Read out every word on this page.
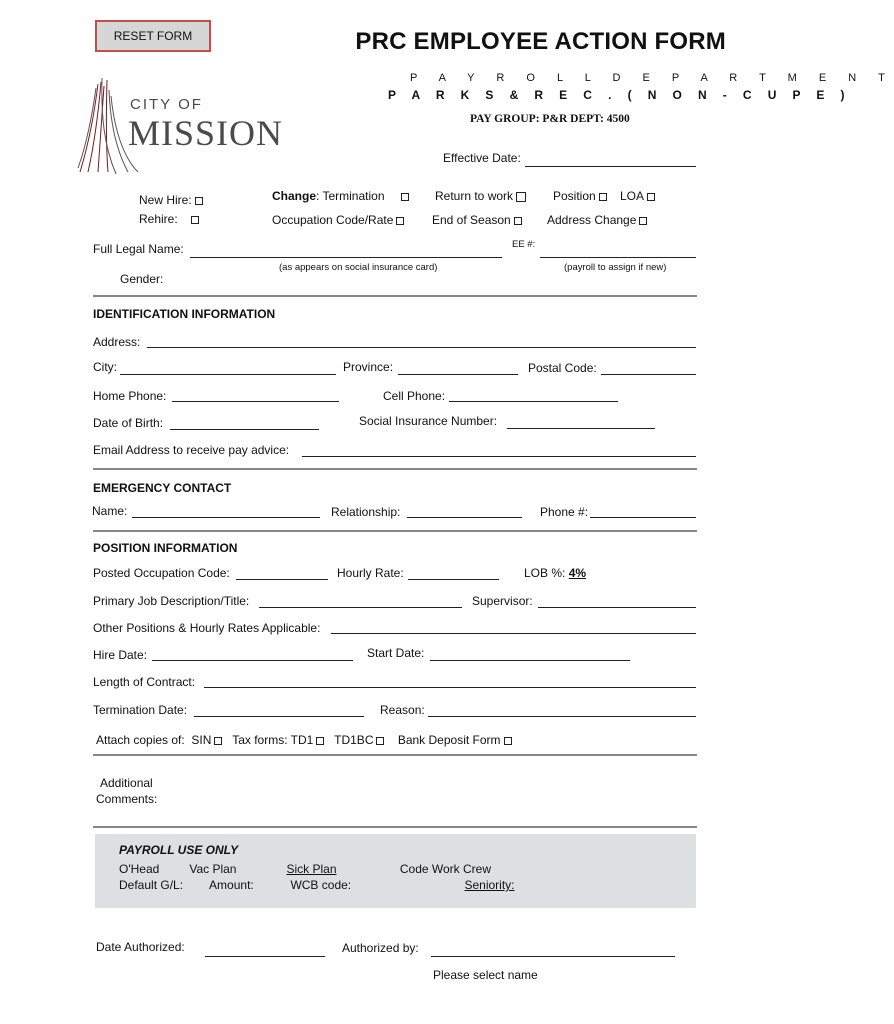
RESET FORM	PRC EMPLOYEE ACTION FORM
P A Y R O L L D E P A R T M E N T
P A R K S & R E C . ( N O N - C U P E )
PAY GROUP: P&R DEPT: 4500
CITY OF
MISSION
Effective Date:
New Hire:
Rehire:
Change: Termination	Return to work	Position	LOA
Occupation Code/Rate	End of Season	Address Change
Full Legal Name:	EE #:
(as appears on social insurance card)	(payroll to assign if new)
Gender:
IDENTIFICATION INFORMATION
Address:
City:	Province:	Postal Code:
Home Phone:	Cell Phone:
Date of Birth:	Social Insurance Number:
Email Address to receive pay advice:
EMERGENCY CONTACT
Name:	Relationship:	Phone #:
POSITION INFORMATION
Posted Occupation Code:	Hourly Rate:	LOB %: 4%
Primary Job Description/Title:	Supervisor:
Other Positions & Hourly Rates Applicable:
Hire Date:	Start Date:
Length of Contract:
Termination Date:	Reason:
Attach copies of: SIN Tax forms: TD1 TD1BC Bank Deposit Form
Additional
Comments:
PAYROLL USE ONLY
O'Head	Vac Plan	Sick Plan	Code Work Crew
Default G/L: Amount:	WCB code:	Seniority:
Date Authorized:	Authorized by:
Please select name
